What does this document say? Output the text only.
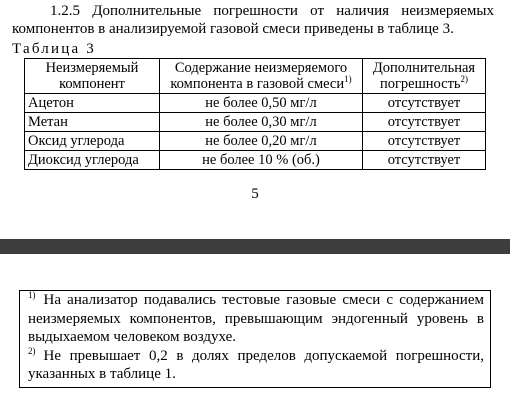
1.2.5 Дополнительные погрешности от наличия неизмеряемых компонентов в анализируемой газовой смеси приведены в таблице 3.

Таблица 3
Неизмеряемый компонент	Содержание неизмеряемого компонента в газовой смеси$^{1)}$	Дополнительная погрешность$^{2)}$
Ацетон	не более 0,50 мг/л	отсутствует
Метан	не более 0,30 мг/л	отсутствует
Оксид углерода	не более 0,20 мг/л	отсутствует
Диоксид углерода	не более 10 % (об.)	отсутствует
5

$^{1)}$ На анализатор подавались тестовые газовые смеси с содержанием неизмеряемых компонентов, превышающим эндогенный уровень в выдыхаемом человеком воздухе.

$^{2)}$ Не превышает 0,2 в долях пределов допускаемой погрешности, указанных в таблице 1.
